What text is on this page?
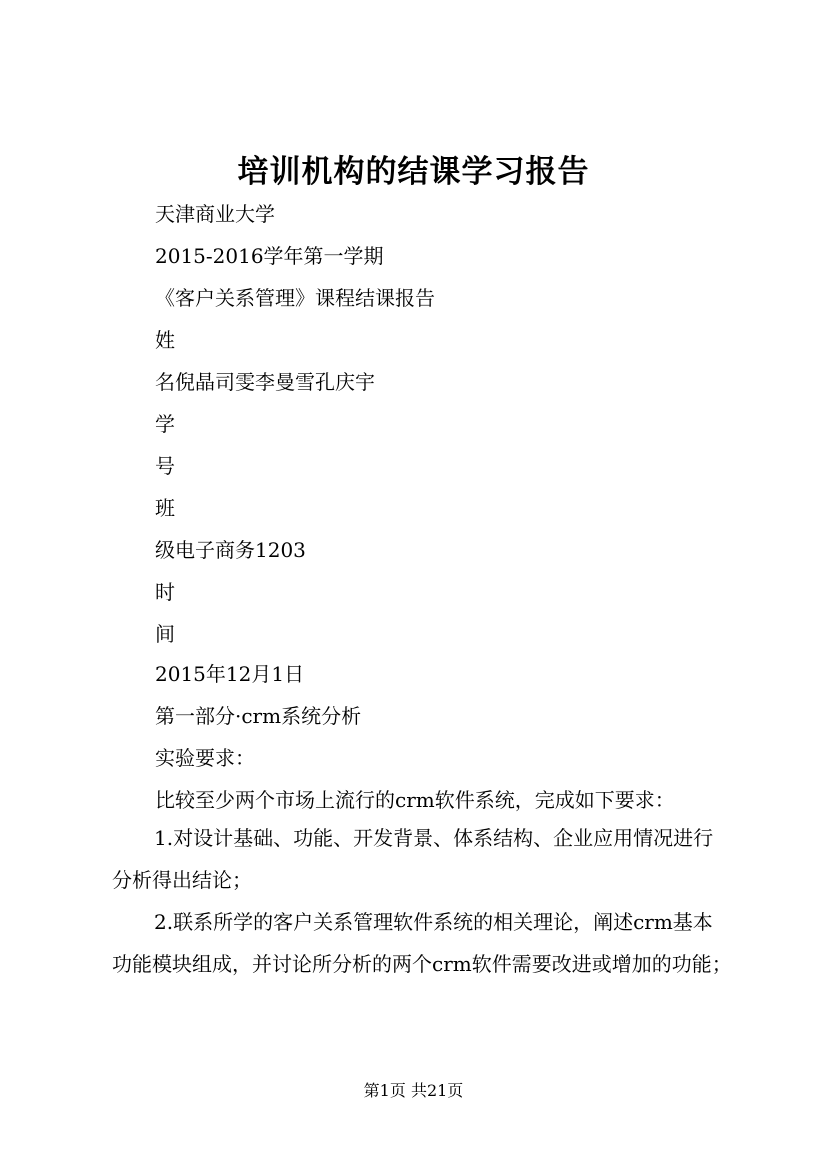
培训机构的结课学习报告
天津商业大学
2015-2016学年第一学期
《客户关系管理》课程结课报告
姓
名倪晶司雯李曼雪孔庆宇
学
号
班
级电子商务1203
时
间
2015年12月1日
第一部分·crm系统分析
实验要求：
比较至少两个市场上流行的crm软件系统，完成如下要求：
1.对设计基础、功能、开发背景、体系结构、企业应用情况进行分析得出结论；
2.联系所学的客户关系管理软件系统的相关理论，阐述crm基本功能模块组成，并讨论所分析的两个crm软件需要改进或增加的功能；
第1页 共21页
